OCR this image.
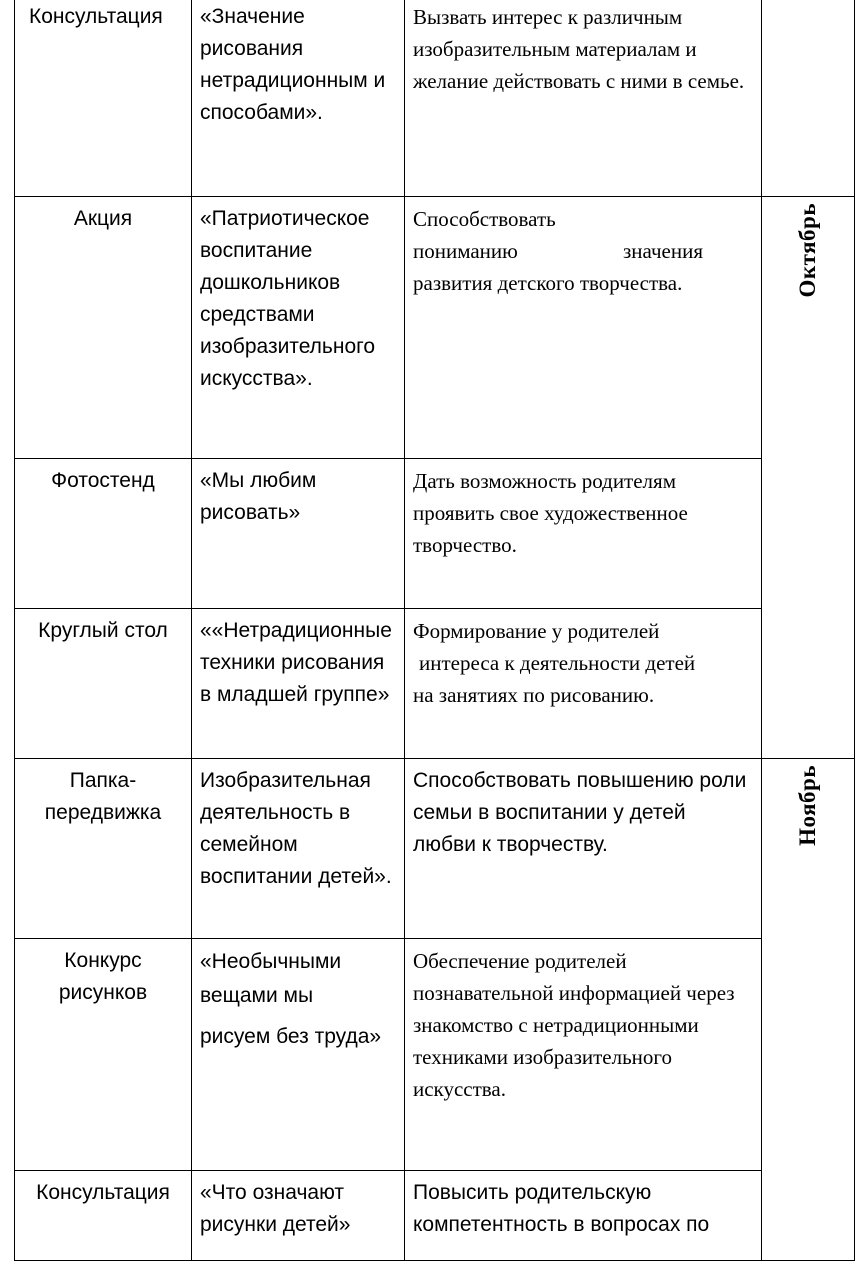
Консультация	«Значение рисования нетрадиционным и способами».	Вызвать интерес к различным изобразительным материалам и желание действовать с ними в семье.	
Акция	«Патриотическое воспитание дошкольников средствами изобразительного искусства».	Способствовать
пониманию значения
развития детского творчества.	Октябрь
Фотостенд	«Мы любим рисовать»	Дать возможность родителям проявить свое художественное творчество.	
Круглый стол	««Нетрадиционные техники рисования в младшей группе»	Формирование у родителей
интереса к деятельности детей
на занятиях по рисованию.	

Папка-передвижка	Изобразительная деятельность в семейном воспитании детей».	Способствовать повышению роли семьи в воспитании у детей любви к творчеству.	Ноябрь
Конкурс рисунков	«Необычными вещами мы
рисуем без труда»	Обеспечение родителей познавательной информацией через знакомство с нетрадиционными техниками изобразительного искусства.	
Консультация	«Что означают рисунки детей»	Повысить родительскую компетентность в вопросах по	
